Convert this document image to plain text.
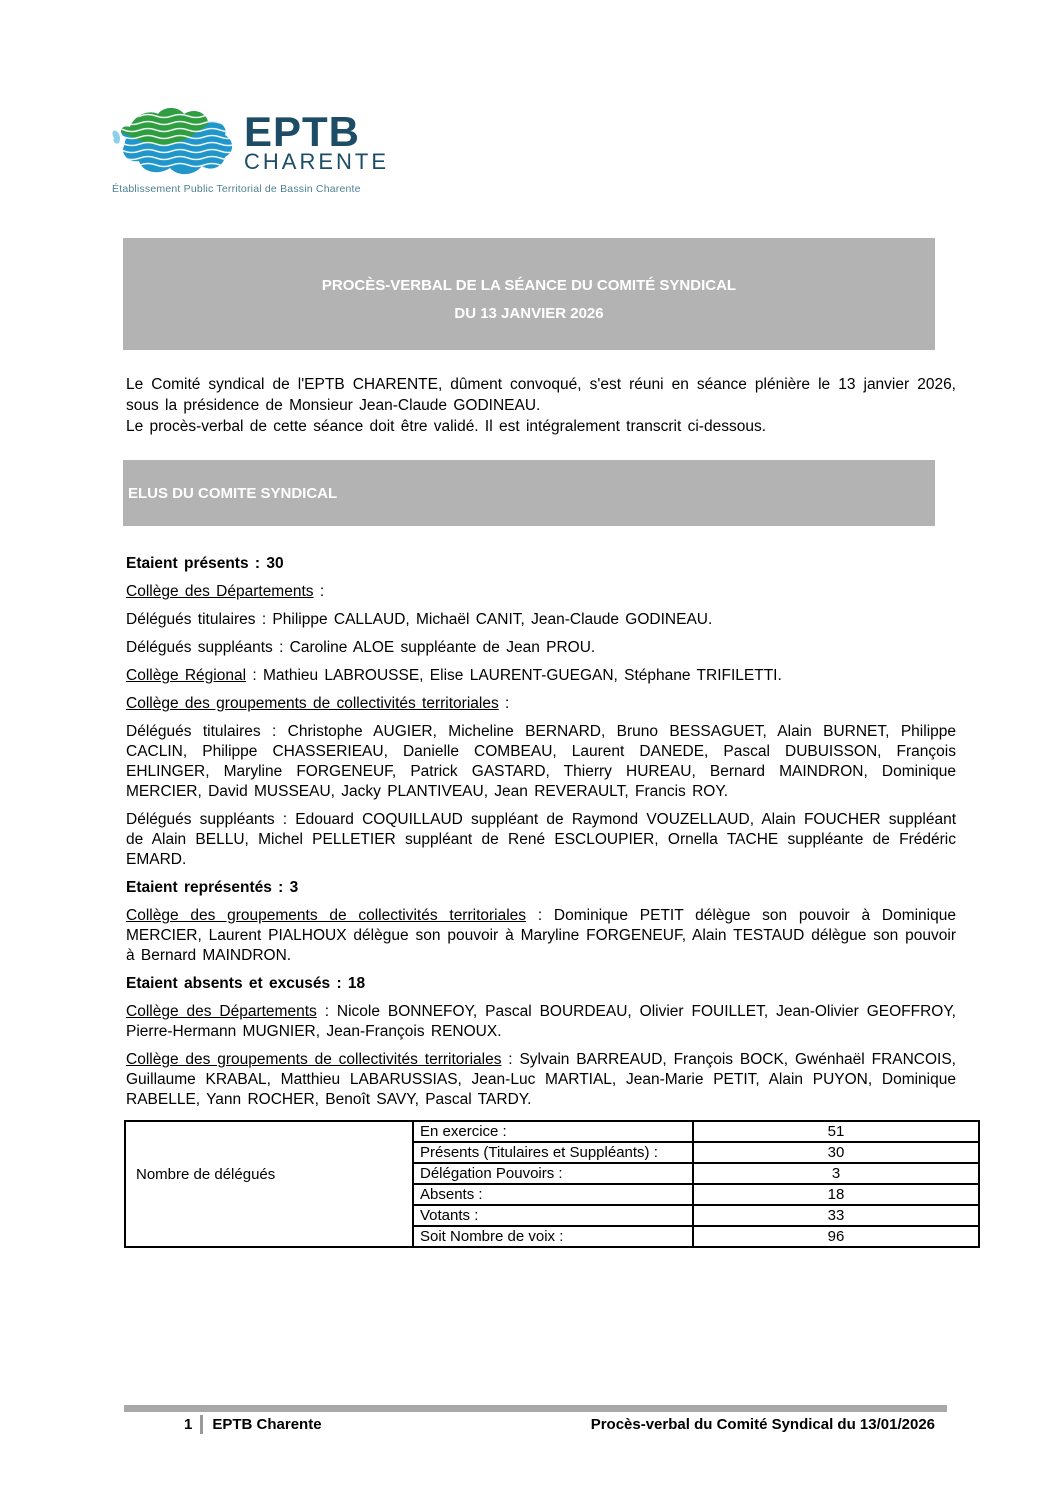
EPTB
CHARENTE
Établissement Public Territorial de Bassin Charente
PROCÈS-VERBAL DE LA SÉANCE DU COMITÉ SYNDICAL
DU 13 JANVIER 2026

Le Comité syndical de l'EPTB CHARENTE, dûment convoqué, s'est réuni en séance plénière le 13 janvier 2026, sous la présidence de Monsieur Jean-Claude GODINEAU.

Le procès-verbal de cette séance doit être validé. Il est intégralement transcrit ci-dessous.

ELUS DU COMITE SYNDICAL

Etaient présents : 30

Collège des Départements :

Délégués titulaires : Philippe CALLAUD, Michaël CANIT, Jean-Claude GODINEAU.

Délégués suppléants : Caroline ALOE suppléante de Jean PROU.

Collège Régional : Mathieu LABROUSSE, Elise LAURENT-GUEGAN, Stéphane TRIFILETTI.

Collège des groupements de collectivités territoriales :

Délégués titulaires : Christophe AUGIER, Micheline BERNARD, Bruno BESSAGUET, Alain BURNET, Philippe CACLIN, Philippe CHASSERIEAU, Danielle COMBEAU, Laurent DANEDE, Pascal DUBUISSON, François EHLINGER, Maryline FORGENEUF, Patrick GASTARD, Thierry HUREAU, Bernard MAINDRON, Dominique MERCIER, David MUSSEAU, Jacky PLANTIVEAU, Jean REVERAULT, Francis ROY.

Délégués suppléants : Edouard COQUILLAUD suppléant de Raymond VOUZELLAUD, Alain FOUCHER suppléant de Alain BELLU, Michel PELLETIER suppléant de René ESCLOUPIER, Ornella TACHE suppléante de Frédéric EMARD.

Etaient représentés : 3

Collège des groupements de collectivités territoriales : Dominique PETIT délègue son pouvoir à Dominique MERCIER, Laurent PIALHOUX délègue son pouvoir à Maryline FORGENEUF, Alain TESTAUD délègue son pouvoir à Bernard MAINDRON.

Etaient absents et excusés : 18

Collège des Départements : Nicole BONNEFOY, Pascal BOURDEAU, Olivier FOUILLET, Jean-Olivier GEOFFROY, Pierre-Hermann MUGNIER, Jean-François RENOUX.

Collège des groupements de collectivités territoriales : Sylvain BARREAUD, François BOCK, Gwénhaël FRANCOIS, Guillaume KRABAL, Matthieu LABARUSSIAS, Jean-Luc MARTIAL, Jean-Marie PETIT, Alain PUYON, Dominique RABELLE, Yann ROCHER, Benoît SAVY, Pascal TARDY.

Nombre de délégués	En exercice :	51
	Présents (Titulaires et Suppléants) :	30
	Délégation Pouvoirs :	3
	Absents :	18
	Votants :	33
	Soit Nombre de voix :	96
1 EPTB Charente	Procès-verbal du Comité Syndical du 13/01/2026
